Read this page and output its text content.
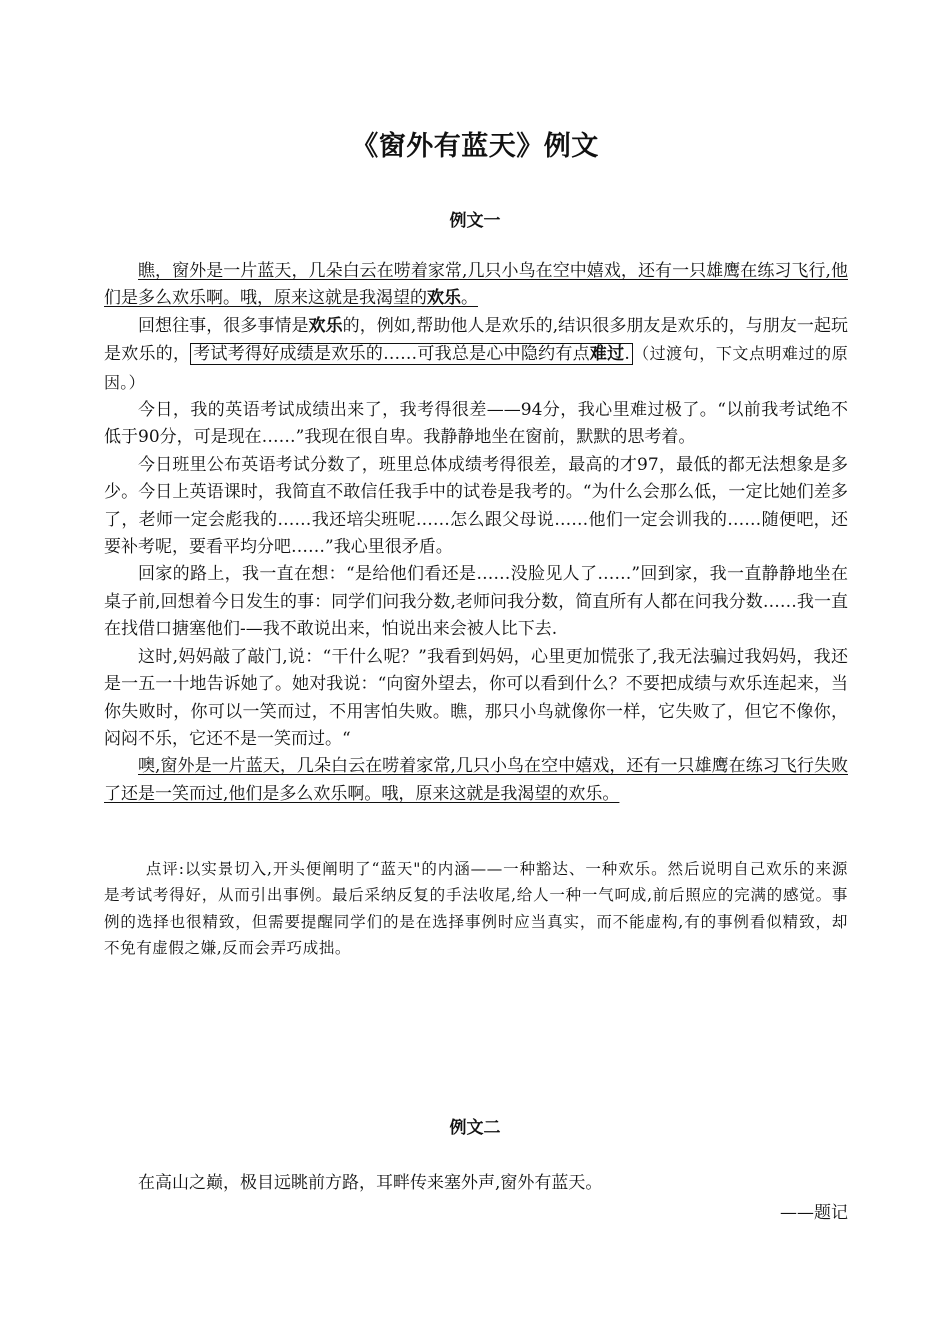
《窗外有蓝天》例文
例文一

瞧，窗外是一片蓝天，几朵白云在唠着家常,几只小鸟在空中嬉戏，还有一只雄鹰在练习飞行,他们是多么欢乐啊。哦，原来这就是我渴望的欢乐。

回想往事，很多事情是欢乐的，例如,帮助他人是欢乐的,结识很多朋友是欢乐的，与朋友一起玩是欢乐的， 考试考得好成绩是欢乐的……可我总是心中隐约有点难过. （过渡句，下文点明难过的原因。）

今日，我的英语考试成绩出来了，我考得很差——94分，我心里难过极了。“以前我考试绝不低于90分，可是现在……”我现在很自卑。我静静地坐在窗前，默默的思考着。

今日班里公布英语考试分数了，班里总体成绩考得很差，最高的才97，最低的都无法想象是多少。今日上英语课时，我简直不敢信任我手中的试卷是我考的。“为什么会那么低，一定比她们差多了，老师一定会彪我的……我还培尖班呢……怎么跟父母说……他们一定会训我的……随便吧，还要补考呢，要看平均分吧……”我心里很矛盾。

回家的路上，我一直在想：“是给他们看还是……没脸见人了……”回到家，我一直静静地坐在桌子前,回想着今日发生的事：同学们问我分数,老师问我分数，简直所有人都在问我分数……我一直在找借口搪塞他们-—我不敢说出来，怕说出来会被人比下去.

这时,妈妈敲了敲门,说：“干什么呢？”我看到妈妈，心里更加慌张了,我无法骗过我妈妈，我还是一五一十地告诉她了。她对我说：“向窗外望去，你可以看到什么？不要把成绩与欢乐连起来，当你失败时，你可以一笑而过，不用害怕失败。瞧，那只小鸟就像你一样，它失败了，但它不像你，闷闷不乐，它还不是一笑而过。“

噢,窗外是一片蓝天，几朵白云在唠着家常,几只小鸟在空中嬉戏，还有一只雄鹰在练习飞行失败了还是一笑而过,他们是多么欢乐啊。哦，原来这就是我渴望的欢乐。

点评:以实景切入,开头便阐明了“蓝天"的内涵——一种豁达、一种欢乐。然后说明自己欢乐的来源是考试考得好，从而引出事例。最后采纳反复的手法收尾,给人一种一气呵成,前后照应的完满的感觉。事例的选择也很精致，但需要提醒同学们的是在选择事例时应当真实，而不能虚构,有的事例看似精致，却不免有虚假之嫌,反而会弄巧成拙。

例文二

在高山之巅，极目远眺前方路，耳畔传来塞外声,窗外有蓝天。

——题记
